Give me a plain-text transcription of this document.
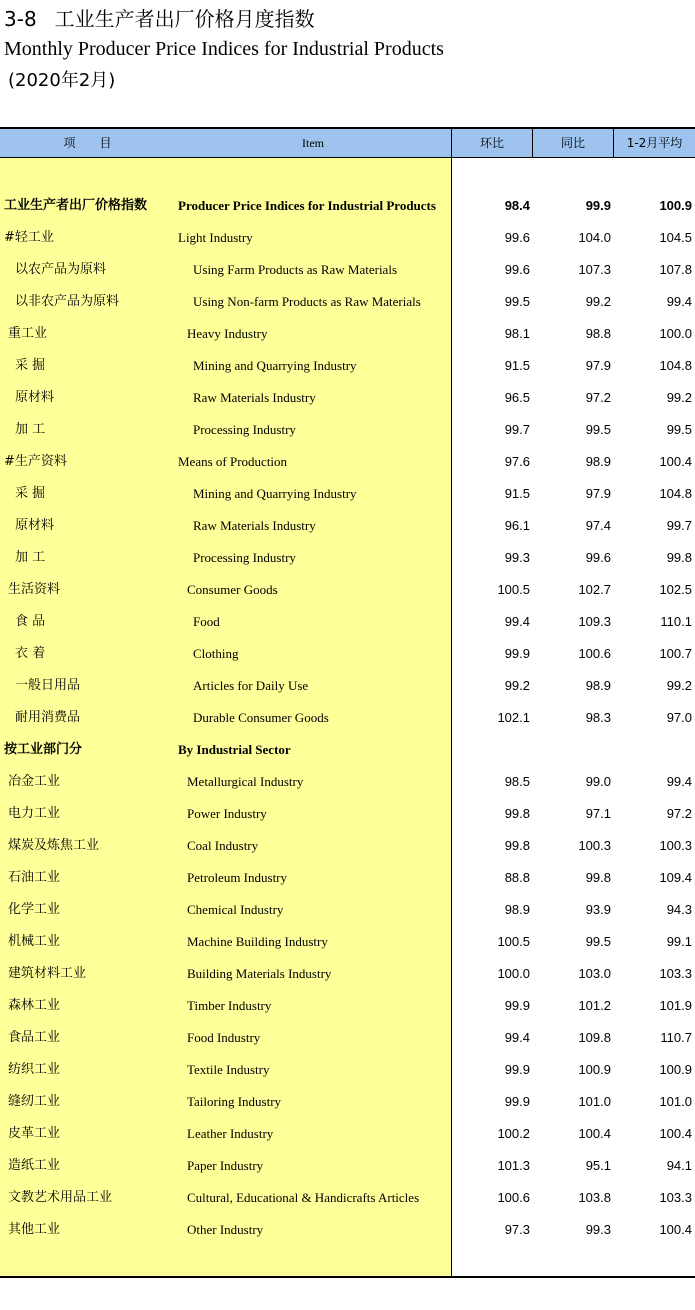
3-8 工业生产者出厂价格月度指数
Monthly Producer Price Indices for Industrial Products
(2020年2月)
项　　目	Item	环比	同比	1-2月平均
工业生产者出厂价格指数 Producer Price Indices for Industrial Products	98.4	99.9	100.9
#轻工业	Light Industry	99.6	104.0	104.5
以农产品为原料	Using Farm Products as Raw Materials	99.6	107.3	107.8
以非农产品为原料	Using Non-farm Products as Raw Materials	99.5	99.2	99.4
重工业	Heavy Industry	98.1	98.8	100.0
采 掘	Mining and Quarrying Industry	91.5	97.9	104.8
原材料	Raw Materials Industry	96.5	97.2	99.2
加 工	Processing Industry	99.7	99.5	99.5
#生产资料	Means of Production	97.6	98.9	100.4
采 掘	Mining and Quarrying Industry	91.5	97.9	104.8
原材料	Raw Materials Industry	96.1	97.4	99.7
加 工	Processing Industry	99.3	99.6	99.8
生活资料	Consumer Goods	100.5	102.7	102.5
食 品	Food	99.4	109.3	110.1
衣 着	Clothing	99.9	100.6	100.7
一般日用品	Articles for Daily Use	99.2	98.9	99.2
耐用消费品	Durable Consumer Goods	102.1	98.3	97.0
按工业部门分	By Industrial Sector
冶金工业	Metallurgical Industry	98.5	99.0	99.4
电力工业	Power Industry	99.8	97.1	97.2
煤炭及炼焦工业	Coal Industry	99.8	100.3	100.3
石油工业	Petroleum Industry	88.8	99.8	109.4
化学工业	Chemical Industry	98.9	93.9	94.3
机械工业	Machine Building Industry	100.5	99.5	99.1
建筑材料工业	Building Materials Industry	100.0	103.0	103.3
森林工业	Timber Industry	99.9	101.2	101.9
食品工业	Food Industry	99.4	109.8	110.7
纺织工业	Textile Industry	99.9	100.9	100.9
缝纫工业	Tailoring Industry	99.9	101.0	101.0
皮革工业	Leather Industry	100.2	100.4	100.4
造纸工业	Paper Industry	101.3	95.1	94.1
文教艺术用品工业	Cultural, Educational & Handicrafts Articles	100.6	103.8	103.3
其他工业	Other Industry	97.3	99.3	100.4
